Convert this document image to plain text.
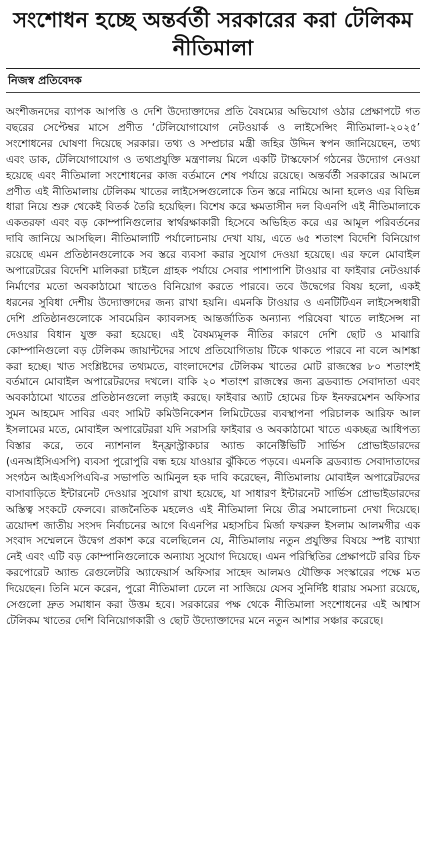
সংশোধন হচ্ছে অন্তর্বর্তী সরকারের করা টেলিকম নীতিমালা
নিজস্ব প্রতিবেদক

অংশীজনদের ব্যাপক আপত্তি ও দেশি উদ্যোক্তাদের প্রতি বৈষম্যের অভিযোগ ওঠার প্রেক্ষাপটে গত বছরের সেপ্টেম্বর মাসে প্রণীত ‘টেলিযোগাযোগ নেটওয়ার্ক ও লাইসেন্সিং নীতিমালা-২০২৫’ সংশোধনের ঘোষণা দিয়েছে সরকার। তথ্য ও সম্প্রচার মন্ত্রী জহির উদ্দিন স্বপন জানিয়েছেন, তথ্য এবং ডাক, টেলিযোগাযোগ ও তথ্যপ্রযুক্তি মন্ত্রণালয় মিলে একটি টাস্কফোর্স গঠনের উদ্যোগ নেওয়া হয়েছে এবং নীতিমালা সংশোধনের কাজ বর্তমানে শেষ পর্যায়ে রয়েছে। অন্তর্বর্তী সরকারের আমলে প্রণীত এই নীতিমালায় টেলিকম খাতের লাইসেন্সগুলোকে তিন স্তরে নামিয়ে আনা হলেও এর বিভিন্ন ধারা নিয়ে শুরু থেকেই বিতর্ক তৈরি হয়েছিল। বিশেষ করে ক্ষমতাসীন দল বিএনপি এই নীতিমালাকে একতরফা এবং বড় কোম্পানিগুলোর স্বার্থরক্ষাকারী হিসেবে অভিহিত করে এর আমূল পরিবর্তনের দাবি জানিয়ে আসছিল। নীতিমালাটি পর্যালোচনায় দেখা যায়, এতে ৬৫ শতাংশ বিদেশি বিনিয়োগ রয়েছে এমন প্রতিষ্ঠানগুলোকে সব স্তরে ব্যবসা করার সুযোগ দেওয়া হয়েছে। এর ফলে মোবাইল অপারেটরের বিদেশি মালিকরা চাইলে গ্রাহক পর্যায়ে সেবার পাশাপাশি টাওয়ার বা ফাইবার নেটওয়ার্ক নির্মাণের মতো অবকাঠামো খাতেও বিনিয়োগ করতে পারবে। তবে উদ্বেগের বিষয় হলো, একই ধরনের সুবিধা দেশীয় উদ্যোক্তাদের জন্য রাখা হয়নি। এমনকি টাওয়ার ও এনটিটিএন লাইসেন্সধারী দেশি প্রতিষ্ঠানগুলোকে সাবমেরিন ক্যাবলসহ আন্তর্জাতিক অন্যান্য পরিষেবা খাতে লাইসেন্স না দেওয়ার বিধান যুক্ত করা হয়েছে। এই বৈষম্যমূলক নীতির কারণে দেশি ছোট ও মাঝারি কোম্পানিগুলো বড় টেলিকম জায়ান্টদের সাথে প্রতিযোগিতায় টিকে থাকতে পারবে না বলে আশঙ্কা করা হচ্ছে। খাত সংশ্লিষ্টদের তথ্যমতে, বাংলাদেশের টেলিকম খাতের মোট রাজস্বের ৮০ শতাংশই বর্তমানে মোবাইল অপারেটরদের দখলে। বাকি ২০ শতাংশ রাজস্বের জন্য ব্রডব্যান্ড সেবাদাতা এবং অবকাঠামো খাতের প্রতিষ্ঠানগুলো লড়াই করছে। ফাইবার অ্যাট হোমের চিফ ইনফরমেশন অফিসার সুমন আহমেদ সাবির এবং সামিট কমিউনিকেশন লিমিটেডের ব্যবস্থাপনা পরিচালক আরিফ আল ইসলামের মতে, মোবাইল অপারেটররা যদি সরাসরি ফাইবার ও অবকাঠামো খাতে একচ্ছত্র আধিপত্য বিস্তার করে, তবে ন্যাশনাল ইন্ফ্রাস্ট্রাকচার অ্যান্ড কানেক্টিভিটি সার্ভিস প্রোভাইডারদের (এনআইসিএসপি) ব্যবসা পুরোপুরি বন্ধ হয়ে যাওয়ার ঝুঁকিতে পড়বে। এমনকি ব্রডব্যান্ড সেবাদাতাদের সংগঠন আইএসপিএবি-র সভাপতি আমিনুল হক দাবি করেছেন, নীতিমালায় মোবাইল অপারেটরদের বাসাবাড়িতে ইন্টারনেট দেওয়ার সুযোগ রাখা হয়েছে, যা সাধারণ ইন্টারনেট সার্ভিস প্রোভাইডারদের অস্তিত্ব সংকটে ফেলবে। রাজনৈতিক মহলেও এই নীতিমালা নিয়ে তীব্র সমালোচনা দেখা দিয়েছে। ত্রয়োদশ জাতীয় সংসদ নির্বাচনের আগে বিএনপির মহাসচিব মির্জা ফখরুল ইসলাম আলমগীর এক সংবাদ সম্মেলনে উদ্বেগ প্রকাশ করে বলেছিলেন যে, নীতিমালায় নতুন প্রযুক্তির বিষয়ে স্পষ্ট ব্যাখ্যা নেই এবং এটি বড় কোম্পানিগুলোকে অন্যায্য সুযোগ দিয়েছে। এমন পরিস্থিতির প্রেক্ষাপটে রবির চিফ করপোরেট অ্যান্ড রেগুলেটরি অ্যাফেয়ার্স অফিসার সাহেদ আলমও যৌক্তিক সংস্কারের পক্ষে মত দিয়েছেন। তিনি মনে করেন, পুরো নীতিমালা ঢেলে না সাজিয়ে যেসব সুনির্দিষ্ট ধারায় সমস্যা রয়েছে, সেগুলো দ্রুত সমাধান করা উত্তম হবে। সরকারের পক্ষ থেকে নীতিমালা সংশোধনের এই আশ্বাস টেলিকম খাতের দেশি বিনিয়োগকারী ও ছোট উদ্যোক্তাদের মনে নতুন আশার সঞ্চার করেছে।
